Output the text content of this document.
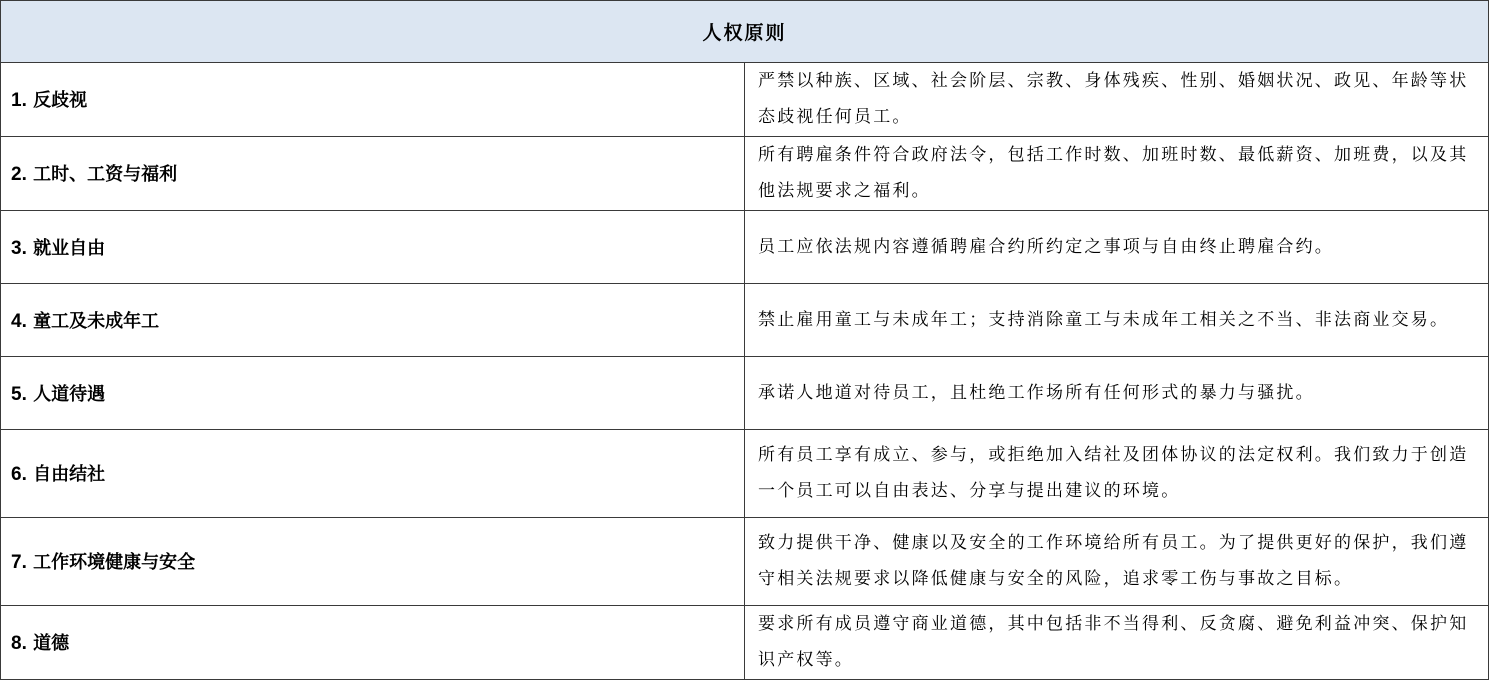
人权原则	
1. 反歧视	严禁以种族、区域、社会阶层、宗教、身体残疾、性别、婚姻状况、政见、年龄等状态歧视任何员工。
2. 工时、工资与福利	所有聘雇条件符合政府法令，包括工作时数、加班时数、最低薪资、加班费，以及其他法规要求之福利。
3. 就业自由	员工应依法规内容遵循聘雇合约所约定之事项与自由终止聘雇合约。
4. 童工及未成年工	禁止雇用童工与未成年工；支持消除童工与未成年工相关之不当、非法商业交易。
5. 人道待遇	承诺人地道对待员工，且杜绝工作场所有任何形式的暴力与骚扰。
6. 自由结社	所有员工享有成立、参与，或拒绝加入结社及团体协议的法定权利。我们致力于创造一个员工可以自由表达、分享与提出建议的环境。
7. 工作环境健康与安全	致力提供干净、健康以及安全的工作环境给所有员工。为了提供更好的保护，我们遵守相关法规要求以降低健康与安全的风险，追求零工伤与事故之目标。
8. 道德	要求所有成员遵守商业道德，其中包括非不当得利、反贪腐、避免利益冲突、保护知识产权等。
